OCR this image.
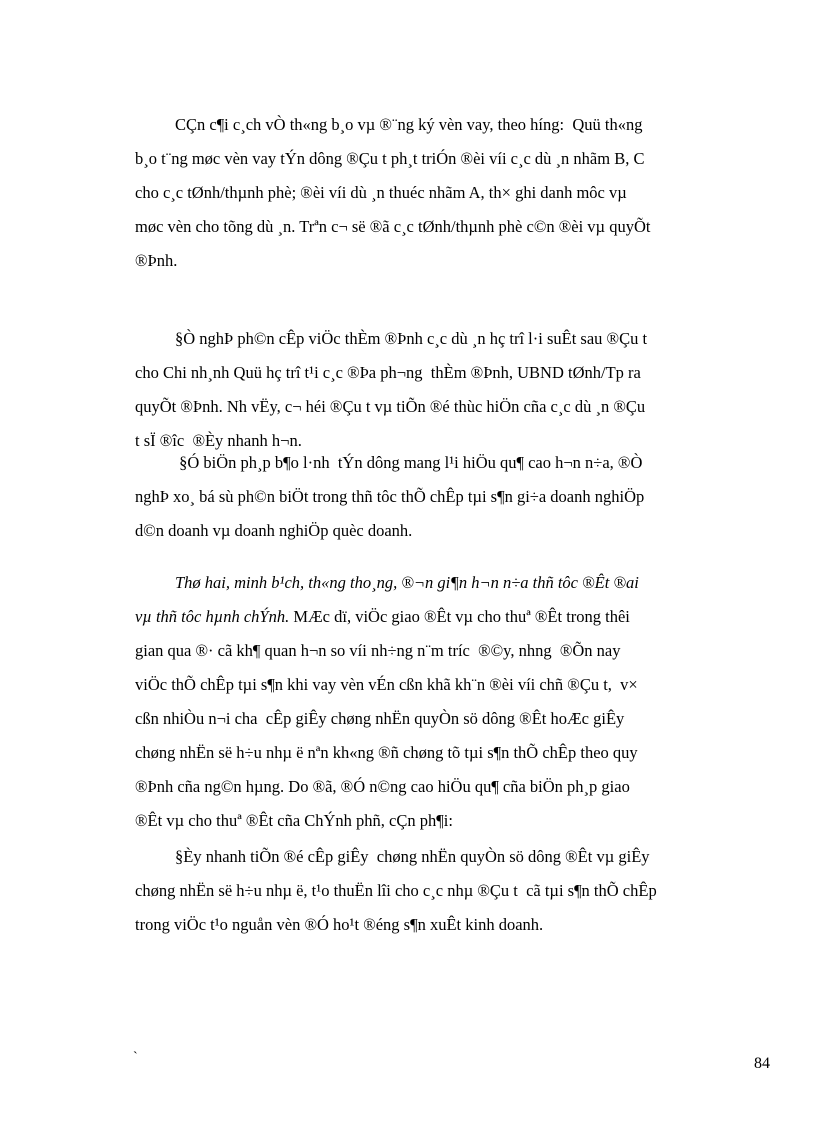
CÇn c¶i c¸ch vÒ th«ng b¸o vµ ®¨ng ký vèn vay, theo híng:  Quü th«ng
b¸o t¨ng møc vèn vay tÝn dông ®Çu t ph¸t triÓn ®èi víi c¸c dù ¸n nhãm B, C
cho c¸c tØnh/thµnh phè; ®èi víi dù ¸n thuéc nhãm A, th× ghi danh môc vµ
møc vèn cho tõng dù ¸n. Trªn c¬ së ®ã c¸c tØnh/thµnh phè c©n ®èi vµ quyÕt
®Þnh.

§Ò nghÞ ph©n cÊp viÖc thÈm ®Þnh c¸c dù ¸n hç trî l·i suÊt sau ®Çu t
cho Chi nh¸nh Quü hç trî t¹i c¸c ®Þa ph¬ng  thÈm ®Þnh, UBND tØnh/Tp ra
quyÕt ®Þnh. Nh vËy, c¬ héi ®Çu t vµ tiÕn ®é thùc hiÖn cña c¸c dù ¸n ®Çu
t sÏ ®îc  ®Èy nhanh h¬n.

§Ó biÖn ph¸p b¶o l·nh  tÝn dông mang l¹i hiÖu qu¶ cao h¬n n÷a, ®Ò
nghÞ xo¸ bá sù ph©n biÖt trong thñ tôc thÕ chÊp tµi s¶n gi÷a doanh nghiÖp
d©n doanh vµ doanh nghiÖp quèc doanh.

Thø hai, minh b¹ch, th«ng tho¸ng, ®¬n gi¶n h¬n n÷a thñ tôc ®Êt ®ai
vµ thñ tôc hµnh chÝnh. MÆc dï, viÖc giao ®Êt vµ cho thuª ®Êt trong thêi
gian qua ®· cã kh¶ quan h¬n so víi nh÷ng n¨m tríc  ®©y, nhng  ®Õn nay
viÖc thÕ chÊp tµi s¶n khi vay vèn vÉn cßn khã kh¨n ®èi víi chñ ®Çu t,  v×
cßn nhiÒu n¬i cha  cÊp giÊy chøng nhËn quyÒn sö dông ®Êt hoÆc giÊy
chøng nhËn së h÷u nhµ ë nªn kh«ng ®ñ chøng tõ tµi s¶n thÕ chÊp theo quy
®Þnh cña ng©n hµng. Do ®ã, ®Ó n©ng cao hiÖu qu¶ cña biÖn ph¸p giao
®Êt vµ cho thuª ®Êt cña ChÝnh phñ, cÇn ph¶i:

§Èy nhanh tiÕn ®é cÊp giÊy  chøng nhËn quyÒn sö dông ®Êt vµ giÊy
chøng nhËn së h÷u nhµ ë, t¹o thuËn lîi cho c¸c nhµ ®Çu t  cã tµi s¶n thÕ chÊp
trong viÖc t¹o nguån vèn ®Ó ho¹t ®éng s¶n xuÊt kinh doanh.

`	84
